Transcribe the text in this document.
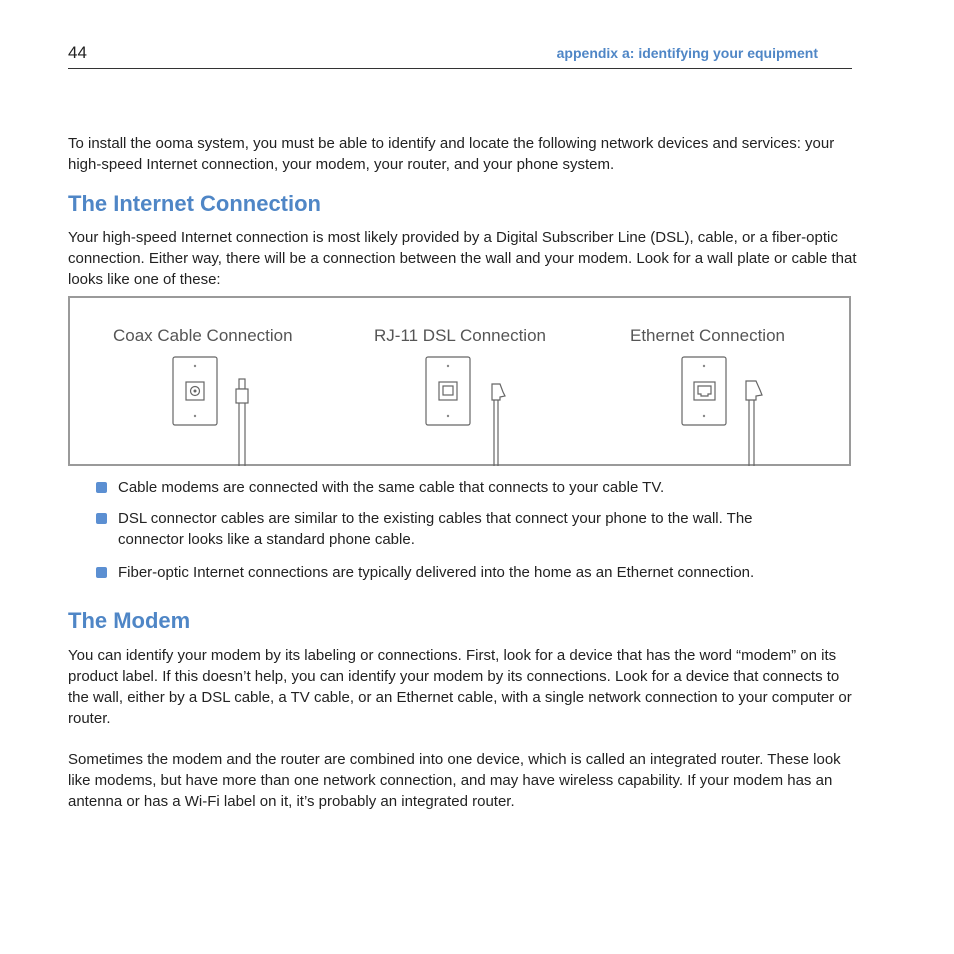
44	appendix a: identifying your equipment

To install the ooma system, you must be able to identify and locate the following network devices and services: your high-speed Internet connection, your modem, your router, and your phone system.

The Internet Connection

Your high-speed Internet connection is most likely provided by a Digital Subscriber Line (DSL), cable, or a fiber-optic connection. Either way, there will be a connection between the wall and your modem. Look for a wall plate or cable that looks like one of these:

Coax Cable Connection	RJ-11 DSL Connection	Ethernet Connection
Cable modems are connected with the same cable that connects to your cable TV.
DSL connector cables are similar to the existing cables that connect your phone to the wall. The connector looks like a standard phone cable.
Fiber-optic Internet connections are typically delivered into the home as an Ethernet connection.
The Modem

You can identify your modem by its labeling or connections. First, look for a device that has the word “modem” on its product label. If this doesn’t help, you can identify your modem by its connections. Look for a device that connects to the wall, either by a DSL cable, a TV cable, or an Ethernet cable, with a single network connection to your computer or router.

Sometimes the modem and the router are combined into one device, which is called an integrated router. These look like modems, but have more than one network connection, and may have wireless capability. If your modem has an antenna or has a Wi-Fi label on it, it’s probably an integrated router.
